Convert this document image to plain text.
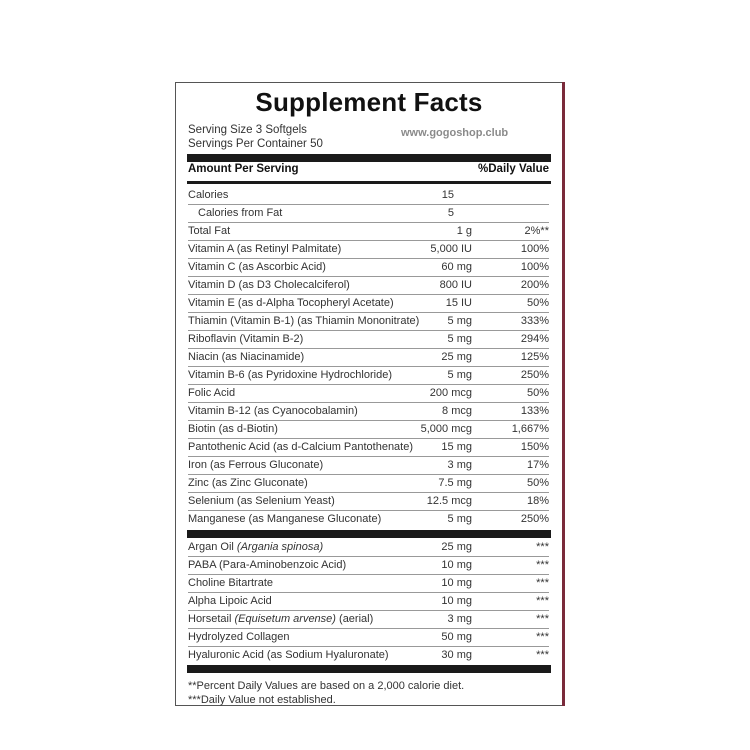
Supplement Facts
Serving Size 3 Softgels
Servings Per Container 50
www.gogoshop.club
Amount Per Serving	%Daily Value
Calories	15
Calories from Fat	5
Total Fat	1 g	2%**
Vitamin A (as Retinyl Palmitate)	5,000 IU	100%
Vitamin C (as Ascorbic Acid)	60 mg	100%
Vitamin D (as D3 Cholecalciferol)	800 IU	200%
Vitamin E (as d-Alpha Tocopheryl Acetate)	15 IU	50%
Thiamin (Vitamin B-1) (as Thiamin Mononitrate)	5 mg	333%
Riboflavin (Vitamin B-2)	5 mg	294%
Niacin (as Niacinamide)	25 mg	125%
Vitamin B-6 (as Pyridoxine Hydrochloride)	5 mg	250%
Folic Acid	200 mcg	50%
Vitamin B-12 (as Cyanocobalamin)	8 mcg	133%
Biotin (as d-Biotin)	5,000 mcg	1,667%
Pantothenic Acid (as d-Calcium Pantothenate)	15 mg	150%
Iron (as Ferrous Gluconate)	3 mg	17%
Zinc (as Zinc Gluconate)	7.5 mg	50%
Selenium (as Selenium Yeast)	12.5 mcg	18%
Manganese (as Manganese Gluconate)	5 mg	250%
Argan Oil (Argania spinosa)	25 mg	***
PABA (Para-Aminobenzoic Acid)	10 mg	***
Choline Bitartrate	10 mg	***
Alpha Lipoic Acid	10 mg	***
Horsetail (Equisetum arvense) (aerial)	3 mg	***
Hydrolyzed Collagen	50 mg	***
Hyaluronic Acid (as Sodium Hyaluronate)	30 mg	***
**Percent Daily Values are based on a 2,000 calorie diet.
***Daily Value not established.
